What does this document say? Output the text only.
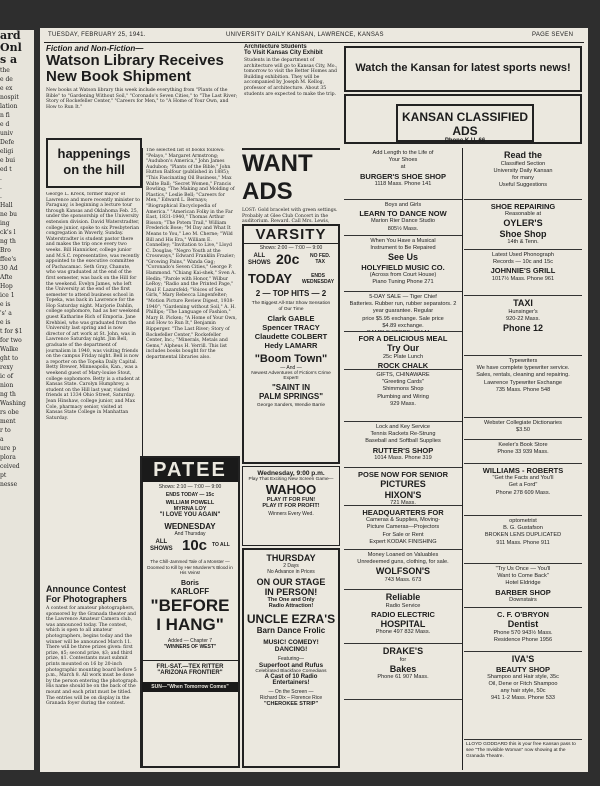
ard
Onl
s a
the
e de
e ex
nospit
lation
n fi
e d
univ
Defe
eligi
e bui
ed t
.
.
.
Hall
ne bu
ing
ck's l
ng th
Bro
ffee's
30 Ad
Afte
Hop
ice 1
e is
's' a
e is
t for $1
for two
Walke
ght to
rexy
ic of
nion
ng th
Washing
rs obe
ment
r to
a
ure p
plora
ceived
pt
nesse
TUESDAY, FEBRUARY 25, 1941.	UNIVERSITY DAILY KANSAN, LAWRENCE, KANSAS	PAGE SEVEN
Fiction and Non-Fiction—
Watson Library Receives
New Book Shipment
New books at Watson library this week include everything from "Plants of the Bible" to "Gardening Without Soil," "Coronado's Seven Cities," to "The Last River; Story of Rockefeller Center," "Careers for Men," to "A Home of Your Own, and How to Run It."
happenings
on the hill
George L. Kreck, former mayor of Lawrence and more recently minister to Paraguay, is beginning a lecture tour through Kansas and Oklahoma Feb. 25, under the sponsorship of the University extension division. David Waterstradter, college junior, spoke to six Presbyterian congregation in Waverly, Sunday. Waterstradter is student pastor there and makes the trip once every two weeks. Bill Hannicker, college junior and M.S.C. representative, was recently appointed to the executive committee of Pachacamac. Seth Gray, Chanute, who was graduated at the end of the first semester, was back on the Hill for the weekend. Evelyn James, who left the University at the end of the first semester to attend business school in Topeka, was back in Lawrence for the Hop Saturday night. Marjorie Dahlin, college sophomore, had as her weekend guest Katharine Rich of Emporia. Jane Krehbiel, who was graduated from the University last spring and is now director of art work at St. John, was in Lawrence Saturday night. Jim Bell, graduate of the department of journalism in 1940, was visiting friends on the campus Friday night. Bell is now a reporter on the Topeka Daily Capital. Betty Brewer, Minneapolis, Kan., was a weekend guest of Mary-louise Stout, college sophomore. Betty is a student at Kansas State. Carolyn Humphrey, a student on the Hill last year, visited friends at 1334 Ohio Street, Saturday. Jean Hinshaw, college junior, and Max Cole, pharmacy senior, visited at Kansas State College in Manhattan Saturday.
Announce Contest
For Photographers
A contest for amateur photographers, sponsored by the Granada theater and the Lawrence Amateur Camera club, was announced today. The contest, which is open to all amateur photographers, begins today and the winner will be announced March 11. There will be three prizes given: first prize, $5; second prize, $3; and third prize, $1. Contestants must submit prints mounted on 16 by 20-inch photographic mounting board before 5 p.m., March 8. All work must be done by the person entering the photograph. His name should be on the back of the mount and each print must be titled. The entries will be on display in the Granada foyer during the contest.
The selected list of books follows: "Pelayo," Margaret Armstrong; "Audubon's America," John James Audubon; "Plants of the Bible," John Hutton Balfour (published in 1885); "This Fascinating Oil Business," Max Walte Ball; "Secret Women," Francis Bowling; "The Making and Molding of Plastics," Leslie Bell; "Careers for Men," Edward L. Bernays; "Biographical Encyclopedia of America." "American Folky in the Far East, 1831-1940," Thomas Arthur Bisson; "The Potem Trail," William Frederick Bose; "M Day and What It Means to You," Leo M. Cherne; "Wild Bill and His Era," William E. Connelley; "Invitation to Live," Lloyd C. Douglas; "Negro Youth at the Crossways," Edward Franklin Frazier; "Growing Pains," Wanda Gag; "Coronado's Seven Cities," George P. Hammond. "Chiang Kai-shek," Sven A. Hedin; "Parole with Honor," Wilbur LeRoy; "Radio and the Printed Page," Paul F. Lazarsfeld; "Voices of Sex Girls," Mary Rebecca Lingenfelter; "Motion Picture Review Digest, 1938-1940"; "Gardening without Soil," A. H. Phillips; "The Language of Fashion," Mary B. Picken; "A Home of Your Own, and How to Run It," Benjamin Ripperger. "The Last River; Story of Rockefeller Center," Rockefeller Center, Inc.; "Minerals, Metals and Gems," Alpheus H. Verrill. This list includes books bought for the departmental libraries also.
PATEE
Shows: 2:10 — 7:00 — 9:00
ENDS TODAY — 15c
WILLIAM POWELL
MYRNA LOY
"I LOVE YOU AGAIN"
WEDNESDAY
And Thursday
ALL
SHOWS 10c TO ALL
The Chill-Jammed Tale of a Monster — Doomed to Kill by Her Murderer's Blood in His Veins!
Boris
KARLOFF
"BEFORE
I HANG"
Added — Chapter 7
"WINNERS OF WEST"
FRI.-SAT.—TEX RITTER
"ARIZONA FRONTIER"
SUN—"When Tomorrow Comes"
Architecture Students
To Visit Kansas City Exhibit
Students in the department of architecture will go to Kansas City, Mo., tomorrow to visit the Better Homes and Building exhibition. They will be accompanied by Joseph M. Kellog, professor of architecture. About 35 students are expected to make the trip.
WANT ADS
LOST: Gold bracelet with green settings. Probably at Glee Club Concert in the auditorium. Reward. Call Mrs. Lewis,
VARSITY
Shows: 2:00 — 7:00 — 9:00
ALL
SHOWS 20c NO FED.
TAX
TODAY	ENDS
WEDNESDAY
2 — TOP HITS — 2
The Biggest All-Star Show Sensation of Our Time
Clark GABLE
Spencer TRACY
Claudette COLBERT
Hedy LAMARR
"Boom Town"
— And —
Newest Adventures of Fiction's Crime Expert!
"SAINT IN
PALM SPRINGS"
George Sanders, Wendie Barrie
Wednesday, 9:00 p.m.
Play That Exciting New Screen Game—
WAHOO
PLAY IT FOR FUN!
PLAY IT FOR PROFIT!
Winners Every Wed.
THURSDAY
2 Days
No Advance in Prices
ON OUR STAGE
IN PERSON!
The One and Only
Radio Attraction!
UNCLE EZRA'S
Barn Dance Frolic
MUSIC! COMEDY!
DANCING!
Featuring—
Superfoot and Rufus
Celebrated Blackface Comedians
A Cast of 10 Radio Entertainers!
— On the Screen —
Richard Dix – Florence Rice
"CHEROKEE STRIP"
Watch the Kansan for latest sports news!
KANSAN CLASSIFIED ADS
Phone K.U. 66
Add Length to the Life of
Your Shoes
at
BURGER'S SHOE SHOP
1118 Mass. Phone 141
Boys and Girls
LEARN TO DANCE NOW
Marion Rier Dance Studio
805½ Mass.
When You Have a Musical
Instrument to Be Repaired
See Us
HOLYFIELD MUSIC CO.
(Across from Court House)
Piano Tuning Phone 271
5-DAY SALE — Tiger Chief
Batteries. Rubber run, rubber separators. 2 year guarantee. Regular
price $5.95 exchange. Sale price
$4.89 exchange.
FOR A DELICIOUS MEAL
Try Our
25c Plate Lunch
ROCK CHALK
GIFTS, CHINAWARE
"Greeting Cards"
Shimmons Shop
Plumbing and Wiring
929 Mass.
Lock and Key Service
Tennis Rackets Re-Strung
Baseball and Softball Supplies
RUTTER'S SHOP
1014 Mass. Phone 319
POSE NOW FOR SENIOR
PICTURES
HIXON'S
721 Mass.
HEADQUARTERS FOR
Cameras & Supplies, Moving-
Picture Cameras—Projectors
For Sale or Rent
Expert KODAK FINISHING
Money Loaned on Valuables
Unredeemed guns, clothing, for sale.
WOLFSON'S
743 Mass. 673
Reliable
Radio Service
RADIO ELECTRIC
HOSPITAL
Phone 497 832 Mass.
DRAKE'S
for
Bakes
Phone 61 907 Mass.
Read the
Classified Section
University Daily Kansan
for many
Useful Suggestions
SHOE REPAIRING
Reasonable at
OYLER'S
Shoe Shop
14th & Tenn.
Latest Used Phonograph
Records — 10c and 15c
JOHNNIE'S GRILL
1017½ Mass. Phone 961
TAXI
Hunsinger's
920-22 Mass.
Phone 12
Typewriters
We have complete typewriter service.
Sales, rentals, cleaning and repairing.
Lawrence Typewriter Exchange
735 Mass. Phone 548
Webster Collegiate Dictionaries
$3.50
Keeler's Book Store
Phone 33 939 Mass.
WILLIAMS - ROBERTS
"Get the Facts and You'll
Get a Ford"
Phone 278 609 Mass.
optometrist
B. G. Gustafson
BROKEN LENS DUPLICATED
911 Mass. Phone 911
"Try Us Once — You'll
Want to Come Back"
Hotel Eldridge
BARBER SHOP
Downstairs
C. F. O'BRYON
Dentist
Phone 570 943½ Mass.
Residence Phone 1956
IVA'S
BEAUTY SHOP
Shampoo and Hair style, 35c
Oil, Dene or Fitch Shampoo
any hair style, 50c
941 1-2 Mass. Phone 533
LLOYD GODDARD this is your free Kansan pass to see "The Invisible Woman" now showing at the Granada Theatre.
